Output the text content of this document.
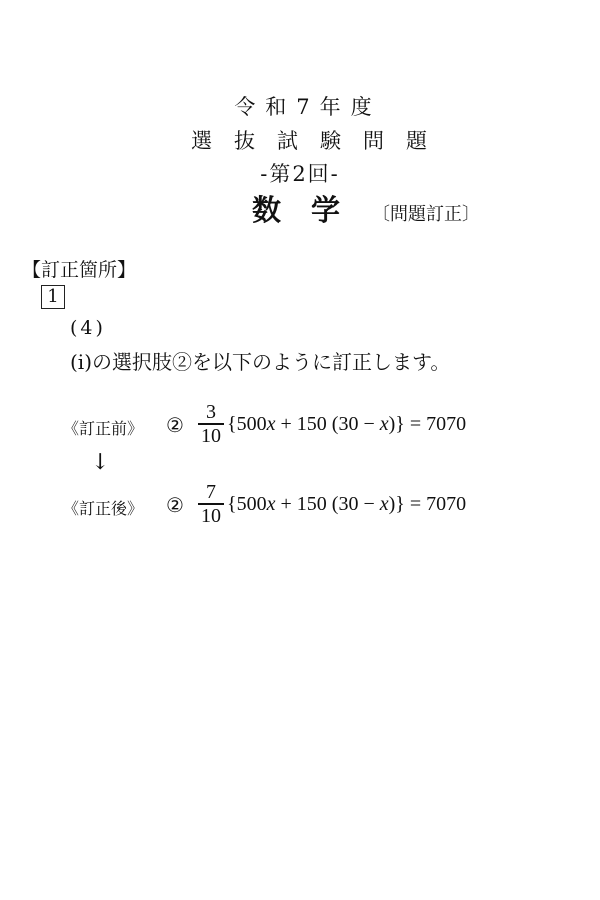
令和7年度
選抜試験問題
-第2回-
数学 〔問題訂正〕
【訂正箇所】
1
(4)
(i)の選択肢②を以下のように訂正します。
《訂正前》 ②
3
10
{500x + 150 (30 − x)} = 7070
↓
《訂正後》 ②
7
10
{500x + 150 (30 − x)} = 7070
